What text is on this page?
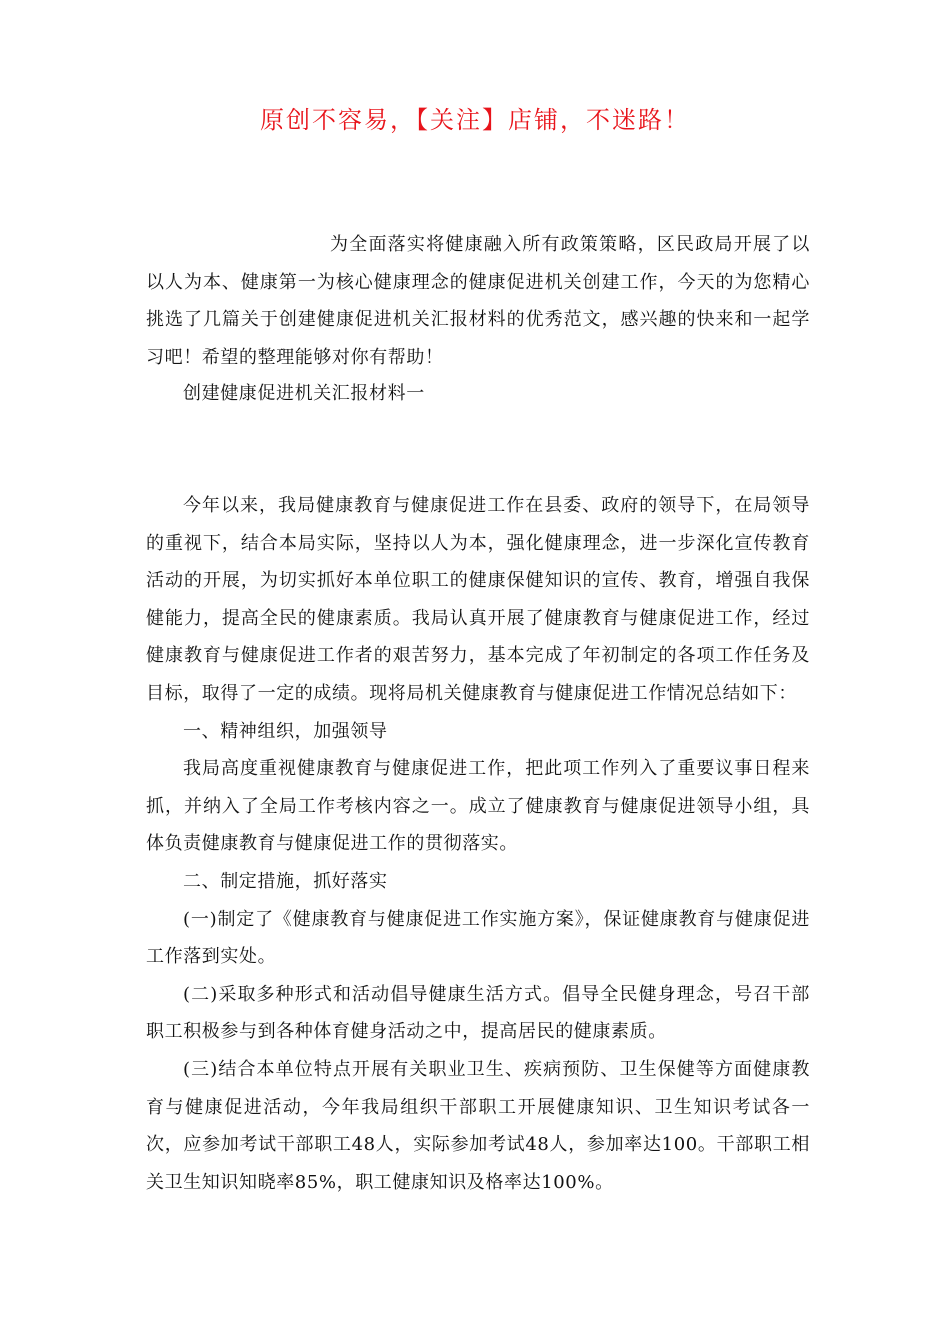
原创不容易，【关注】店铺，不迷路！
为全面落实将健康融入所有政策策略，区民政局开展了以以人为本、健康第一为核心健康理念的健康促进机关创建工作，今天的为您精心挑选了几篇关于创建健康促进机关汇报材料的优秀范文，感兴趣的快来和一起学习吧！希望的整理能够对你有帮助！
创建健康促进机关汇报材料一

今年以来，我局健康教育与健康促进工作在县委、政府的领导下，在局领导的重视下，结合本局实际，坚持以人为本，强化健康理念，进一步深化宣传教育活动的开展，为切实抓好本单位职工的健康保健知识的宣传、教育，增强自我保健能力，提高全民的健康素质。我局认真开展了健康教育与健康促进工作，经过健康教育与健康促进工作者的艰苦努力，基本完成了年初制定的各项工作任务及目标，取得了一定的成绩。现将局机关健康教育与健康促进工作情况总结如下：

一、精神组织，加强领导

我局高度重视健康教育与健康促进工作，把此项工作列入了重要议事日程来抓，并纳入了全局工作考核内容之一。成立了健康教育与健康促进领导小组，具体负责健康教育与健康促进工作的贯彻落实。

二、制定措施，抓好落实

(一)制定了《健康教育与健康促进工作实施方案》，保证健康教育与健康促进工作落到实处。

(二)采取多种形式和活动倡导健康生活方式。倡导全民健身理念，号召干部职工积极参与到各种体育健身活动之中，提高居民的健康素质。

(三)结合本单位特点开展有关职业卫生、疾病预防、卫生保健等方面健康教育与健康促进活动，今年我局组织干部职工开展健康知识、卫生知识考试各一次，应参加考试干部职工48人，实际参加考试48人，参加率达100。干部职工相关卫生知识知晓率85%，职工健康知识及格率达100%。
